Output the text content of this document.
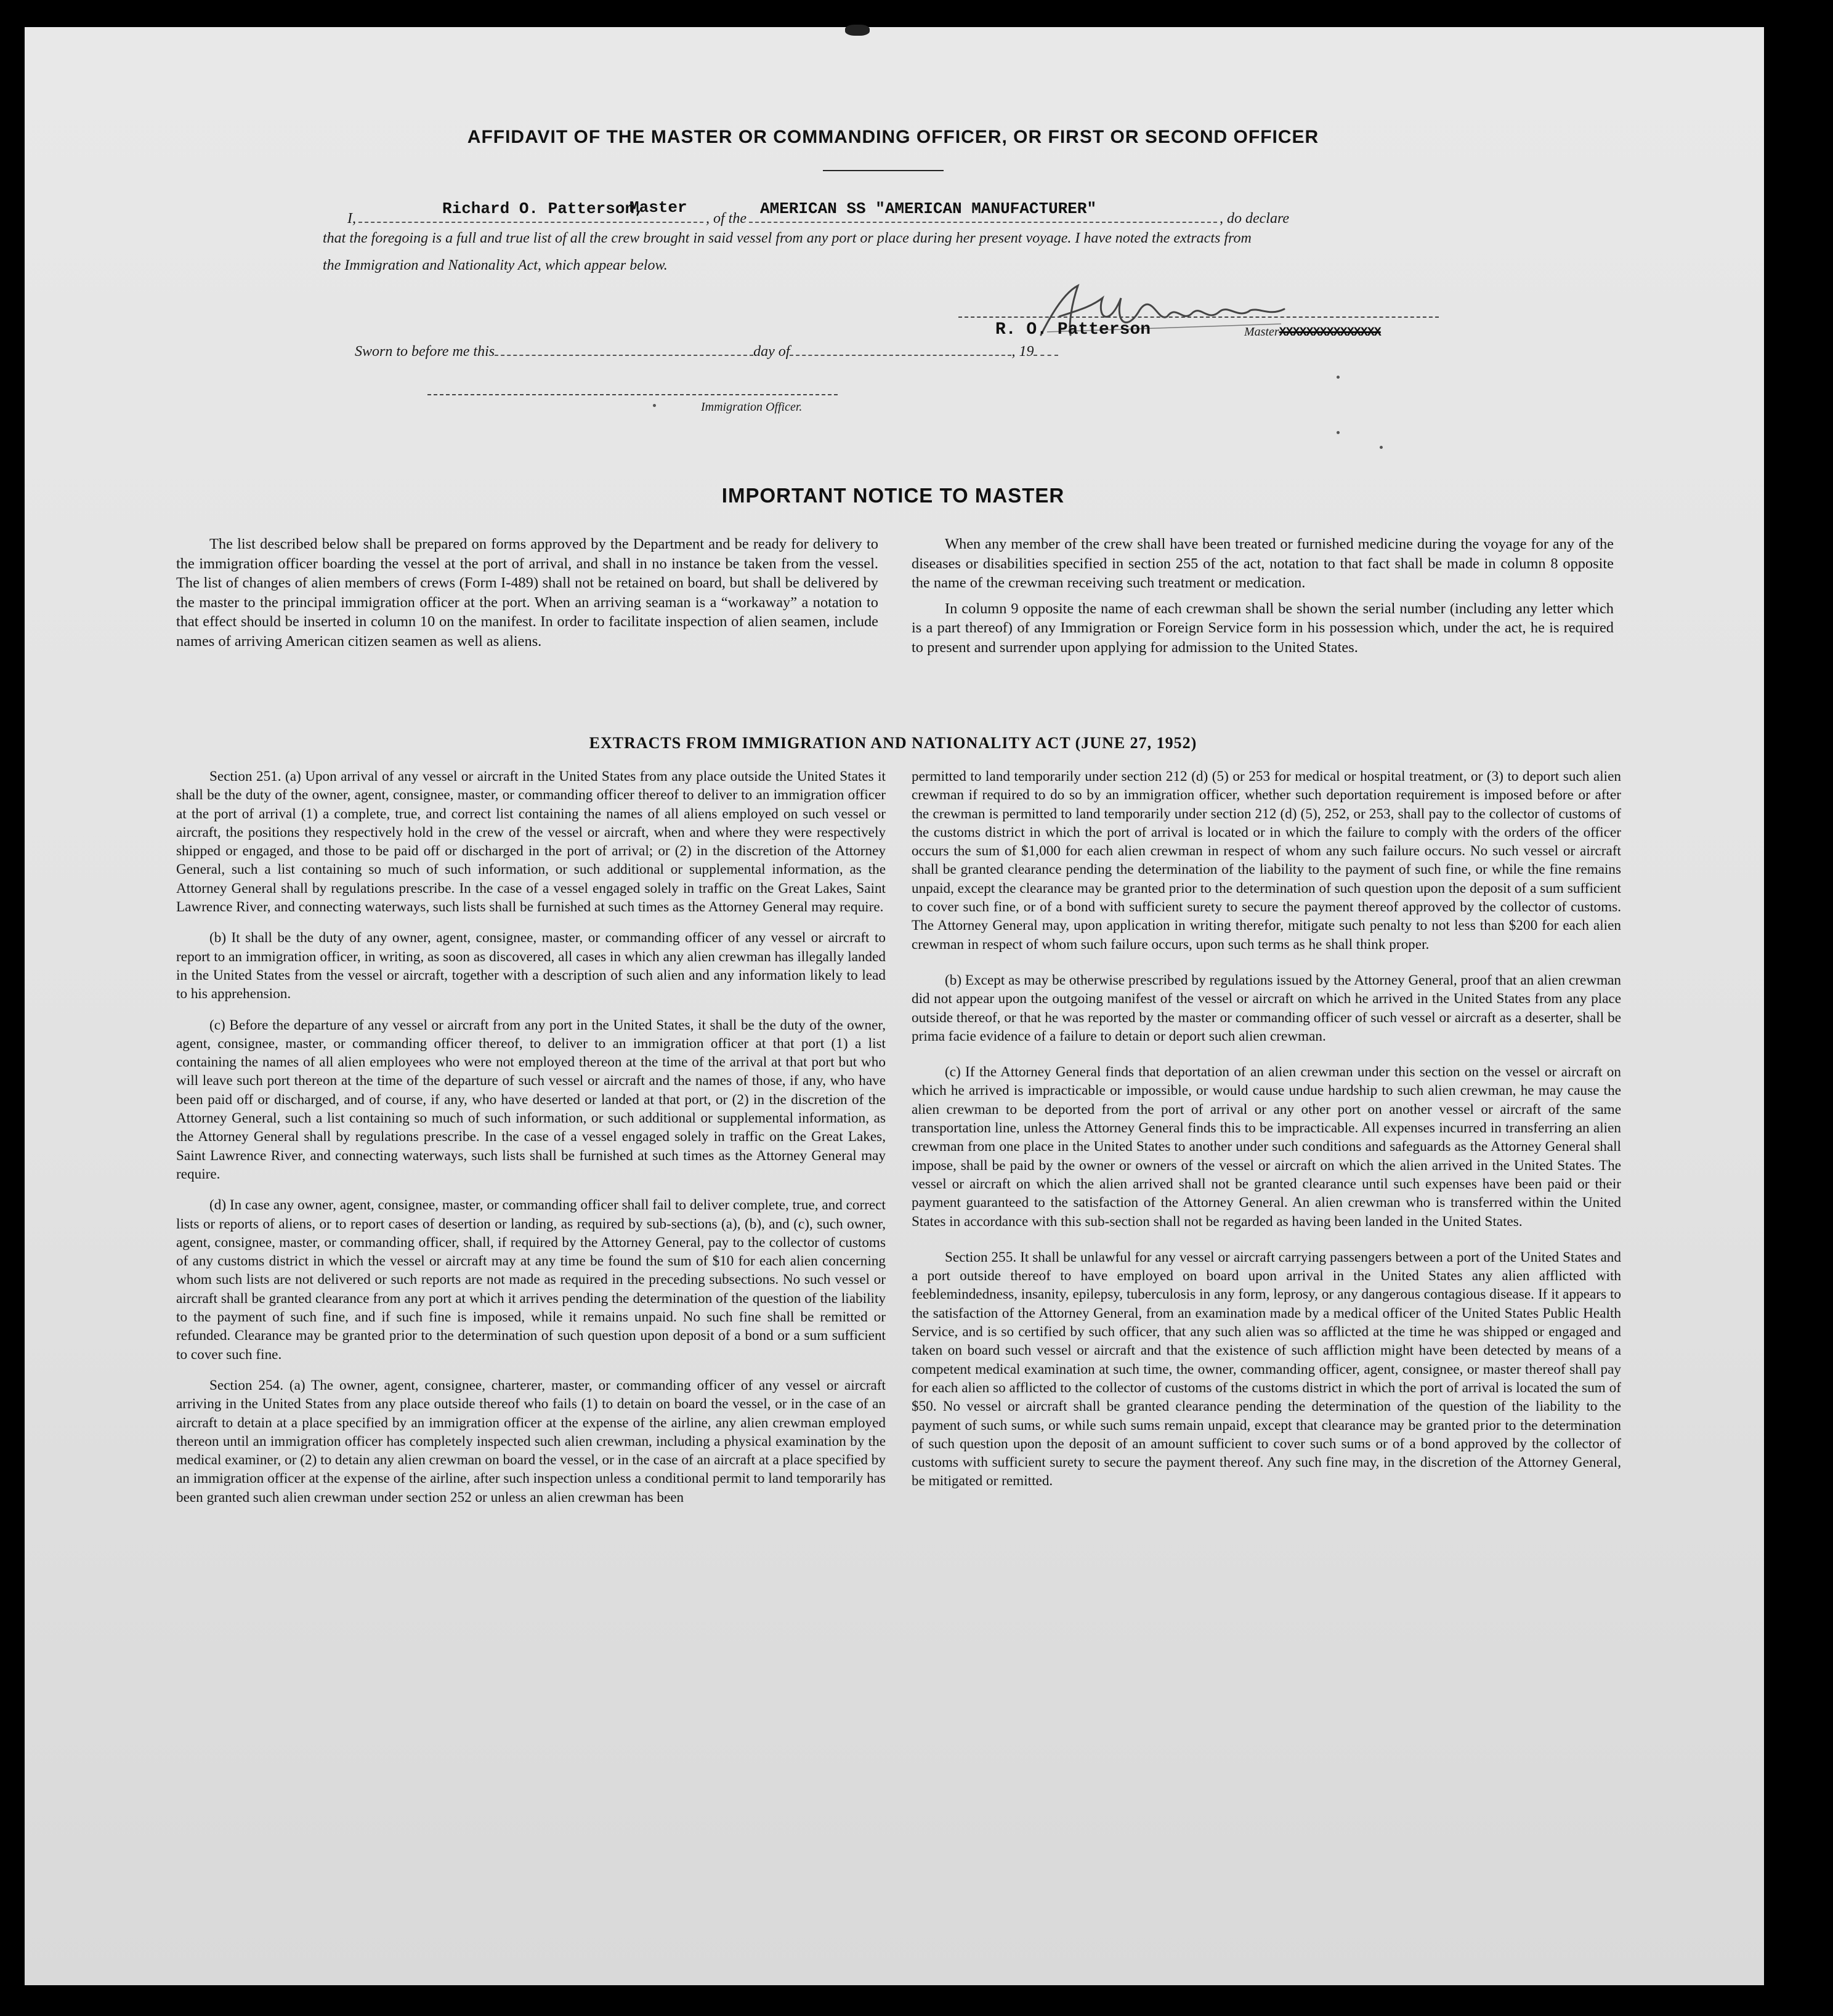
AFFIDAVIT OF THE MASTER OR COMMANDING OFFICER, OR FIRST OR SECOND OFFICER
I,
Richard O. Patterson,
Master
, of the
AMERICAN SS "AMERICAN MANUFACTURER"
, do declare
that the foregoing is a full and true list of all the crew brought in said vessel from any port or place during her present voyage. I have noted the extracts from
the Immigration and Nationality Act, which appear below.
R. O. Patterson	MasterXXXXXXXXXXXXXXX
Sworn to before me this	day of	, 19
Immigration Officer.
IMPORTANT NOTICE TO MASTER

The list described below shall be prepared on forms approved by the Department and be ready for delivery to the immigration officer boarding the vessel at the port of arrival, and shall in no instance be taken from the vessel. The list of changes of alien members of crews (Form I-489) shall not be retained on board, but shall be delivered by the master to the principal immigration officer at the port. When an arriving seaman is a “workaway” a notation to that effect should be inserted in column 10 on the manifest. In order to facilitate inspection of alien seamen, include names of arriving American citizen seamen as well as aliens.

When any member of the crew shall have been treated or furnished medicine during the voyage for any of the diseases or disabilities specified in section 255 of the act, notation to that fact shall be made in column 8 opposite the name of the crewman receiving such treatment or medication.

In column 9 opposite the name of each crewman shall be shown the serial number (including any letter which is a part thereof) of any Immigration or Foreign Service form in his possession which, under the act, he is required to present and surrender upon applying for admission to the United States.

EXTRACTS FROM IMMIGRATION AND NATIONALITY ACT (JUNE 27, 1952)

Section 251. (a) Upon arrival of any vessel or aircraft in the United States from any place outside the United States it shall be the duty of the owner, agent, consignee, master, or commanding officer thereof to deliver to an immigration officer at the port of arrival (1) a complete, true, and correct list containing the names of all aliens employed on such vessel or aircraft, the positions they respectively hold in the crew of the vessel or aircraft, when and where they were respectively shipped or engaged, and those to be paid off or discharged in the port of arrival; or (2) in the discretion of the Attorney General, such a list containing so much of such information, or such additional or supplemental information, as the Attorney General shall by regulations prescribe. In the case of a vessel engaged solely in traffic on the Great Lakes, Saint Lawrence River, and connecting waterways, such lists shall be furnished at such times as the Attorney General may require.

(b) It shall be the duty of any owner, agent, consignee, master, or commanding officer of any vessel or aircraft to report to an immigration officer, in writing, as soon as discovered, all cases in which any alien crewman has illegally landed in the United States from the vessel or aircraft, together with a description of such alien and any information likely to lead to his apprehension.

(c) Before the departure of any vessel or aircraft from any port in the United States, it shall be the duty of the owner, agent, consignee, master, or commanding officer thereof, to deliver to an immigration officer at that port (1) a list containing the names of all alien employees who were not employed thereon at the time of the arrival at that port but who will leave such port thereon at the time of the departure of such vessel or aircraft and the names of those, if any, who have been paid off or discharged, and of course, if any, who have deserted or landed at that port, or (2) in the discretion of the Attorney General, such a list containing so much of such information, or such additional or supplemental information, as the Attorney General shall by regulations prescribe. In the case of a vessel engaged solely in traffic on the Great Lakes, Saint Lawrence River, and connecting waterways, such lists shall be furnished at such times as the Attorney General may require.

(d) In case any owner, agent, consignee, master, or commanding officer shall fail to deliver complete, true, and correct lists or reports of aliens, or to report cases of desertion or landing, as required by sub-sections (a), (b), and (c), such owner, agent, consignee, master, or commanding officer, shall, if required by the Attorney General, pay to the collector of customs of any customs district in which the vessel or aircraft may at any time be found the sum of $10 for each alien concerning whom such lists are not delivered or such reports are not made as required in the preceding subsections. No such vessel or aircraft shall be granted clearance from any port at which it arrives pending the determination of the question of the liability to the payment of such fine, and if such fine is imposed, while it remains unpaid. No such fine shall be remitted or refunded. Clearance may be granted prior to the determination of such question upon deposit of a bond or a sum sufficient to cover such fine.

Section 254. (a) The owner, agent, consignee, charterer, master, or commanding officer of any vessel or aircraft arriving in the United States from any place outside thereof who fails (1) to detain on board the vessel, or in the case of an aircraft to detain at a place specified by an immigration officer at the expense of the airline, any alien crewman employed thereon until an immigration officer has completely inspected such alien crewman, including a physical examination by the medical examiner, or (2) to detain any alien crewman on board the vessel, or in the case of an aircraft at a place specified by an immigration officer at the expense of the airline, after such inspection unless a conditional permit to land temporarily has been granted such alien crewman under section 252 or unless an alien crewman has been

permitted to land temporarily under section 212 (d) (5) or 253 for medical or hospital treatment, or (3) to deport such alien crewman if required to do so by an immigration officer, whether such deportation requirement is imposed before or after the crewman is permitted to land temporarily under section 212 (d) (5), 252, or 253, shall pay to the collector of customs of the customs district in which the port of arrival is located or in which the failure to comply with the orders of the officer occurs the sum of $1,000 for each alien crewman in respect of whom any such failure occurs. No such vessel or aircraft shall be granted clearance pending the determination of the liability to the payment of such fine, or while the fine remains unpaid, except the clearance may be granted prior to the determination of such question upon the deposit of a sum sufficient to cover such fine, or of a bond with sufficient surety to secure the payment thereof approved by the collector of customs. The Attorney General may, upon application in writing therefor, mitigate such penalty to not less than $200 for each alien crewman in respect of whom such failure occurs, upon such terms as he shall think proper.

(b) Except as may be otherwise prescribed by regulations issued by the Attorney General, proof that an alien crewman did not appear upon the outgoing manifest of the vessel or aircraft on which he arrived in the United States from any place outside thereof, or that he was reported by the master or commanding officer of such vessel or aircraft as a deserter, shall be prima facie evidence of a failure to detain or deport such alien crewman.

(c) If the Attorney General finds that deportation of an alien crewman under this section on the vessel or aircraft on which he arrived is impracticable or impossible, or would cause undue hardship to such alien crewman, he may cause the alien crewman to be deported from the port of arrival or any other port on another vessel or aircraft of the same transportation line, unless the Attorney General finds this to be impracticable. All expenses incurred in transferring an alien crewman from one place in the United States to another under such conditions and safeguards as the Attorney General shall impose, shall be paid by the owner or owners of the vessel or aircraft on which the alien arrived in the United States. The vessel or aircraft on which the alien arrived shall not be granted clearance until such expenses have been paid or their payment guaranteed to the satisfaction of the Attorney General. An alien crewman who is transferred within the United States in accordance with this sub-section shall not be regarded as having been landed in the United States.

Section 255. It shall be unlawful for any vessel or aircraft carrying passengers between a port of the United States and a port outside thereof to have employed on board upon arrival in the United States any alien afflicted with feeblemindedness, insanity, epilepsy, tuberculosis in any form, leprosy, or any dangerous contagious disease. If it appears to the satisfaction of the Attorney General, from an examination made by a medical officer of the United States Public Health Service, and is so certified by such officer, that any such alien was so afflicted at the time he was shipped or engaged and taken on board such vessel or aircraft and that the existence of such affliction might have been detected by means of a competent medical examination at such time, the owner, commanding officer, agent, consignee, or master thereof shall pay for each alien so afflicted to the collector of customs of the customs district in which the port of arrival is located the sum of $50. No vessel or aircraft shall be granted clearance pending the determination of the question of the liability to the payment of such sums, or while such sums remain unpaid, except that clearance may be granted prior to the determination of such question upon the deposit of an amount sufficient to cover such sums or of a bond approved by the collector of customs with sufficient surety to secure the payment thereof. Any such fine may, in the discretion of the Attorney General, be mitigated or remitted.
